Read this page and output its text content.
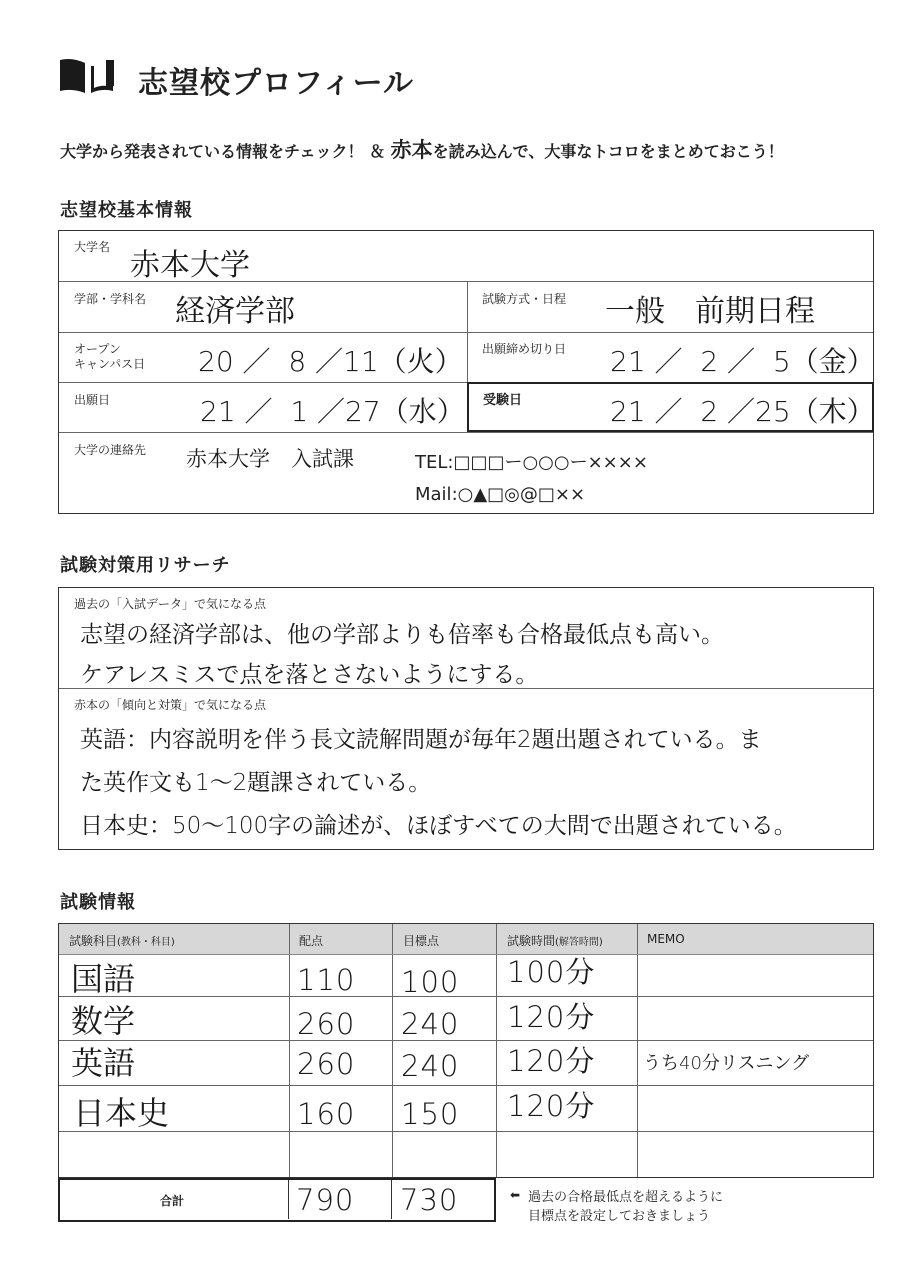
志望校プロフィール
大学から発表されている情報をチェック！ ＆ 赤本を読み込んで、大事なトコロをまとめておこう！
志望校基本情報
大学名
赤本大学
学部・学科名 経済学部	試験方式・日程 一般　前期日程
オープン
キャンパス日 20 ／  8 ／11（火） 出願締め切り日 21 ／  2 ／  5（金）
出願日	21 ／  1 ／27（水） 受験日	21 ／  2 ／25（木）
大学の連絡先 赤本大学　入試課	TEL:□□□ー○○○ー××××
Mail:○▲□◎@□××
試験対策用リサーチ
過去の「入試データ」で気になる点
志望の経済学部は、他の学部よりも倍率も合格最低点も高い。
ケアレスミスで点を落とさないようにする。
赤本の「傾向と対策」で気になる点
英語：内容説明を伴う長文読解問題が毎年2題出題されている。ま
た英作文も1〜2題課されている。
日本史：50〜100字の論述が、ほぼすべての大問で出題されている。
試験情報
試験科目(教科・科目)	配点	目標点	試験時間(解答時間)	MEMO
国語	110 100 100分
数学	260 240 120分
英語	260 240 120分	うち40分リスニング
日本史	160 150 120分
合計	790 730	⬅ 過去の合格最低点を超えるように
目標点を設定しておきましょう
